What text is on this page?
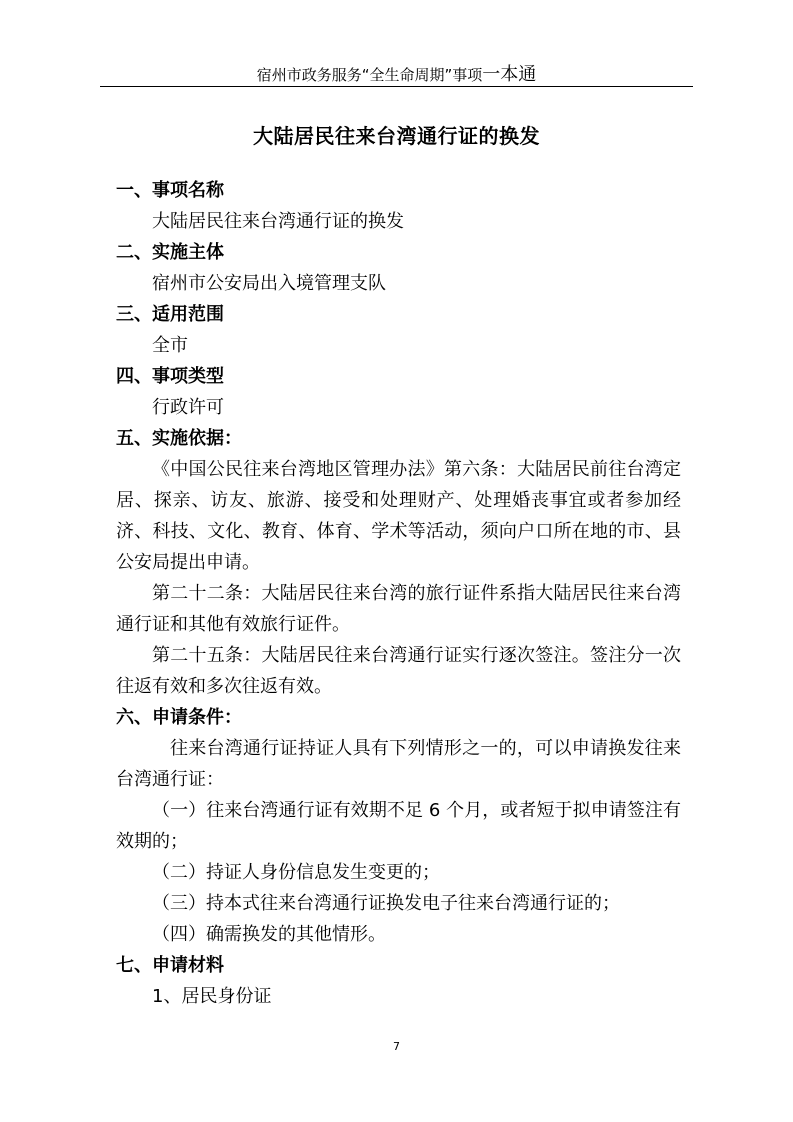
宿州市政务服务“全生命周期”事项一本通
大陆居民往来台湾通行证的换发
一、事项名称
大陆居民往来台湾通行证的换发
二、实施主体
宿州市公安局出入境管理支队
三、适用范围
全市
四、事项类型
行政许可
五、实施依据：
《中国公民往来台湾地区管理办法》第六条：大陆居民前往台湾定居、探亲、访友、旅游、接受和处理财产、处理婚丧事宜或者参加经济、科技、文化、教育、体育、学术等活动，须向户口所在地的市、县公安局提出申请。
第二十二条：大陆居民往来台湾的旅行证件系指大陆居民往来台湾通行证和其他有效旅行证件。
第二十五条：大陆居民往来台湾通行证实行逐次签注。签注分一次往返有效和多次往返有效。
六、申请条件：
往来台湾通行证持证人具有下列情形之一的，可以申请换发往来台湾通行证：
（一）往来台湾通行证有效期不足 6 个月，或者短于拟申请签注有效期的；
（二）持证人身份信息发生变更的；
（三）持本式往来台湾通行证换发电子往来台湾通行证的；
（四）确需换发的其他情形。
七、申请材料
1、居民身份证
7
